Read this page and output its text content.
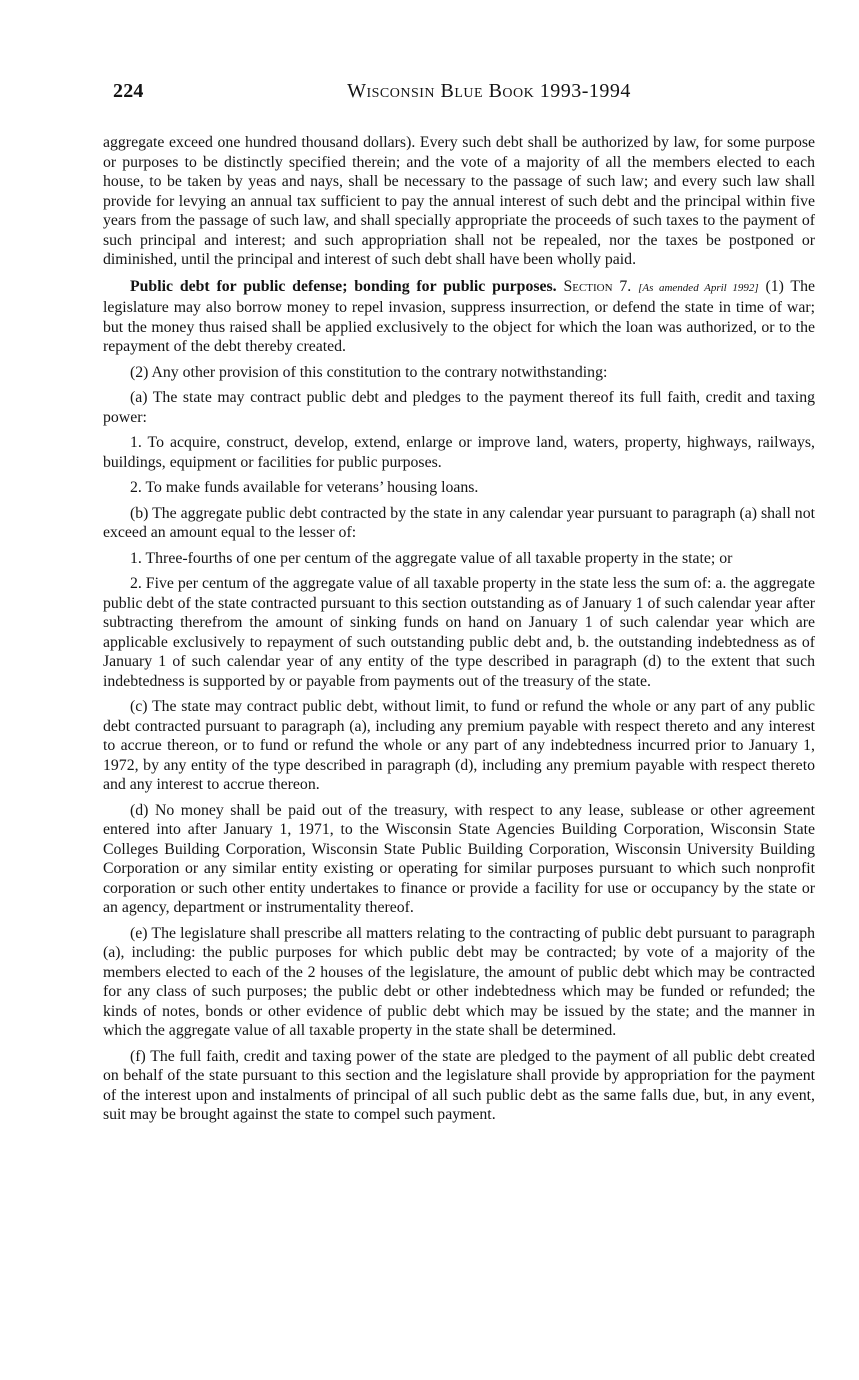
224	Wisconsin Blue Book 1993-1994

aggregate exceed one hundred thousand dollars). Every such debt shall be authorized by law, for some purpose or purposes to be distinctly specified therein; and the vote of a majority of all the members elected to each house, to be taken by yeas and nays, shall be necessary to the passage of such law; and every such law shall provide for levying an annual tax sufficient to pay the annual interest of such debt and the principal within five years from the passage of such law, and shall specially appropriate the proceeds of such taxes to the payment of such principal and interest; and such appropriation shall not be repealed, nor the taxes be postponed or diminished, until the principal and interest of such debt shall have been wholly paid.

Public debt for public defense; bonding for public purposes. Section 7. [As amended April 1992] (1) The legislature may also borrow money to repel invasion, suppress insurrection, or defend the state in time of war; but the money thus raised shall be applied exclusively to the object for which the loan was authorized, or to the repayment of the debt thereby created.

(2) Any other provision of this constitution to the contrary notwithstanding:

(a) The state may contract public debt and pledges to the payment thereof its full faith, credit and taxing power:

1. To acquire, construct, develop, extend, enlarge or improve land, waters, property, highways, railways, buildings, equipment or facilities for public purposes.

2. To make funds available for veterans’ housing loans.

(b) The aggregate public debt contracted by the state in any calendar year pursuant to paragraph (a) shall not exceed an amount equal to the lesser of:

1. Three-fourths of one per centum of the aggregate value of all taxable property in the state; or

2. Five per centum of the aggregate value of all taxable property in the state less the sum of: a. the aggregate public debt of the state contracted pursuant to this section outstanding as of January 1 of such calendar year after subtracting therefrom the amount of sinking funds on hand on January 1 of such calendar year which are applicable exclusively to repayment of such outstanding public debt and, b. the outstanding indebtedness as of January 1 of such calendar year of any entity of the type described in paragraph (d) to the extent that such indebtedness is supported by or payable from payments out of the treasury of the state.

(c) The state may contract public debt, without limit, to fund or refund the whole or any part of any public debt contracted pursuant to paragraph (a), including any premium payable with respect thereto and any interest to accrue thereon, or to fund or refund the whole or any part of any indebtedness incurred prior to January 1, 1972, by any entity of the type described in paragraph (d), including any premium payable with respect thereto and any interest to accrue thereon.

(d) No money shall be paid out of the treasury, with respect to any lease, sublease or other agreement entered into after January 1, 1971, to the Wisconsin State Agencies Building Corporation, Wisconsin State Colleges Building Corporation, Wisconsin State Public Building Corporation, Wisconsin University Building Corporation or any similar entity existing or operating for similar purposes pursuant to which such nonprofit corporation or such other entity undertakes to finance or provide a facility for use or occupancy by the state or an agency, department or instrumentality thereof.

(e) The legislature shall prescribe all matters relating to the contracting of public debt pursuant to paragraph (a), including: the public purposes for which public debt may be contracted; by vote of a majority of the members elected to each of the 2 houses of the legislature, the amount of public debt which may be contracted for any class of such purposes; the public debt or other indebtedness which may be funded or refunded; the kinds of notes, bonds or other evidence of public debt which may be issued by the state; and the manner in which the aggregate value of all taxable property in the state shall be determined.

(f) The full faith, credit and taxing power of the state are pledged to the payment of all public debt created on behalf of the state pursuant to this section and the legislature shall provide by appropriation for the payment of the interest upon and instalments of principal of all such public debt as the same falls due, but, in any event, suit may be brought against the state to compel such payment.
